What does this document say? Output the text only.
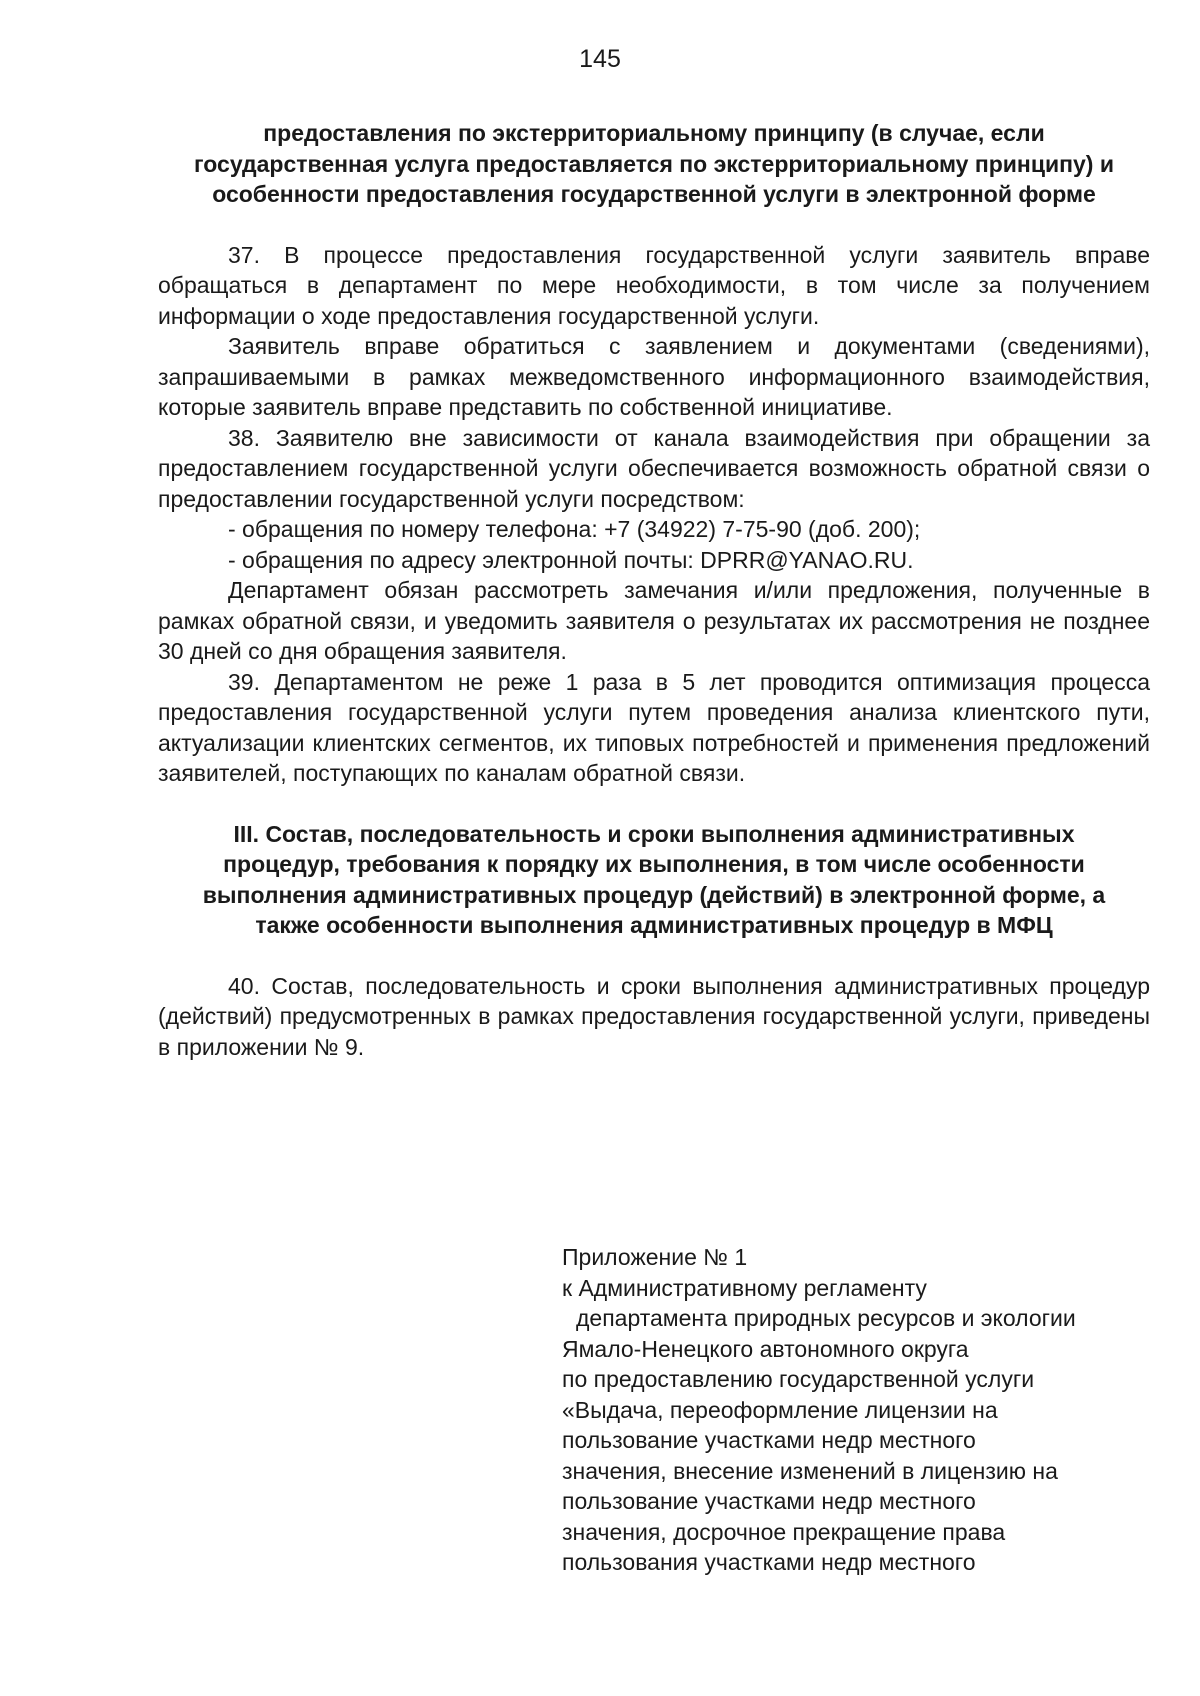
145

предоставления по экстерриториальному принципу (в случае, если государственная услуга предоставляется по экстерриториальному принципу) и особенности предоставления государственной услуги в электронной форме

37. В процессе предоставления государственной услуги заявитель вправе обращаться в департамент по мере необходимости, в том числе за получением информации о ходе предоставления государственной услуги.

Заявитель вправе обратиться с заявлением и документами (сведениями), запрашиваемыми в рамках межведомственного информационного взаимодействия, которые заявитель вправе представить по собственной инициативе.

38. Заявителю вне зависимости от канала взаимодействия при обращении за предоставлением государственной услуги обеспечивается возможность обратной связи о предоставлении государственной услуги посредством:

- обращения по номеру телефона: +7 (34922) 7-75-90 (доб. 200);

- обращения по адресу электронной почты: DPRR@YANAO.RU.

Департамент обязан рассмотреть замечания и/или предложения, полученные в рамках обратной связи, и уведомить заявителя о результатах их рассмотрения не позднее 30 дней со дня обращения заявителя.

39. Департаментом не реже 1 раза в 5 лет проводится оптимизация процесса предоставления государственной услуги путем проведения анализа клиентского пути, актуализации клиентских сегментов, их типовых потребностей и применения предложений заявителей, поступающих по каналам обратной связи.

III. Состав, последовательность и сроки выполнения административных процедур, требования к порядку их выполнения, в том числе особенности выполнения административных процедур (действий) в электронной форме, а также особенности выполнения административных процедур в МФЦ

40. Состав, последовательность и сроки выполнения административных процедур (действий) предусмотренных в рамках предоставления государственной услуги, приведены в приложении № 9.

Приложение № 1
к Административному регламенту
департамента природных ресурсов и экологии
Ямало-Ненецкого автономного округа
по предоставлению государственной услуги
«Выдача, переоформление лицензии на
пользование участками недр местного
значения, внесение изменений в лицензию на
пользование участками недр местного
значения, досрочное прекращение права
пользования участками недр местного
